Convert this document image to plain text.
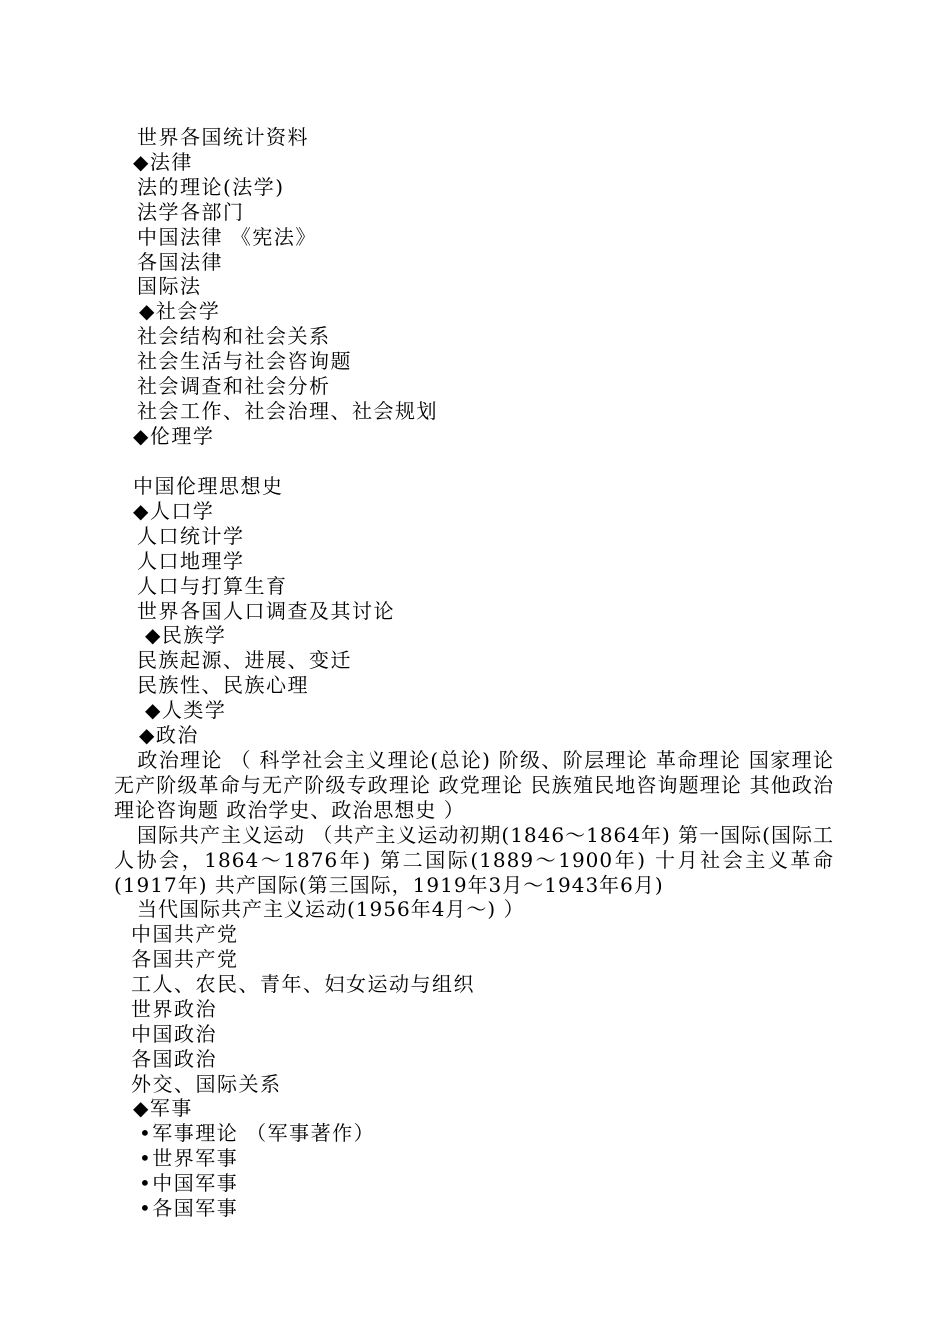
世界各国统计资料
◆法律
法的理论(法学)
法学各部门
中国法律 《宪法》
各国法律
国际法
◆社会学
社会结构和社会关系
社会生活与社会咨询题
社会调查和社会分析
社会工作、社会治理、社会规划
◆伦理学
中国伦理思想史
◆人口学
人口统计学
人口地理学
人口与打算生育
世界各国人口调查及其讨论
◆民族学
民族起源、进展、变迁
民族性、民族心理
◆人类学
◆政治
政治理论 （ 科学社会主义理论(总论) 阶级、阶层理论 革命理论 国家理论 无产阶级革命与无产阶级专政理论 政党理论 民族殖民地咨询题理论 其他政治理论咨询题 政治学史、政治思想史 ）
国际共产主义运动 （共产主义运动初期(1846～1864年) 第一国际(国际工人协会，1864～1876年) 第二国际(1889～1900年) 十月社会主义革命(1917年) 共产国际(第三国际，1919年3月～1943年6月)
当代国际共产主义运动(1956年4月～) ）
中国共产党
各国共产党
工人、农民、青年、妇女运动与组织
世界政治
中国政治
各国政治
外交、国际关系
◆军事
•军事理论 （军事著作）
•世界军事
•中国军事
•各国军事
